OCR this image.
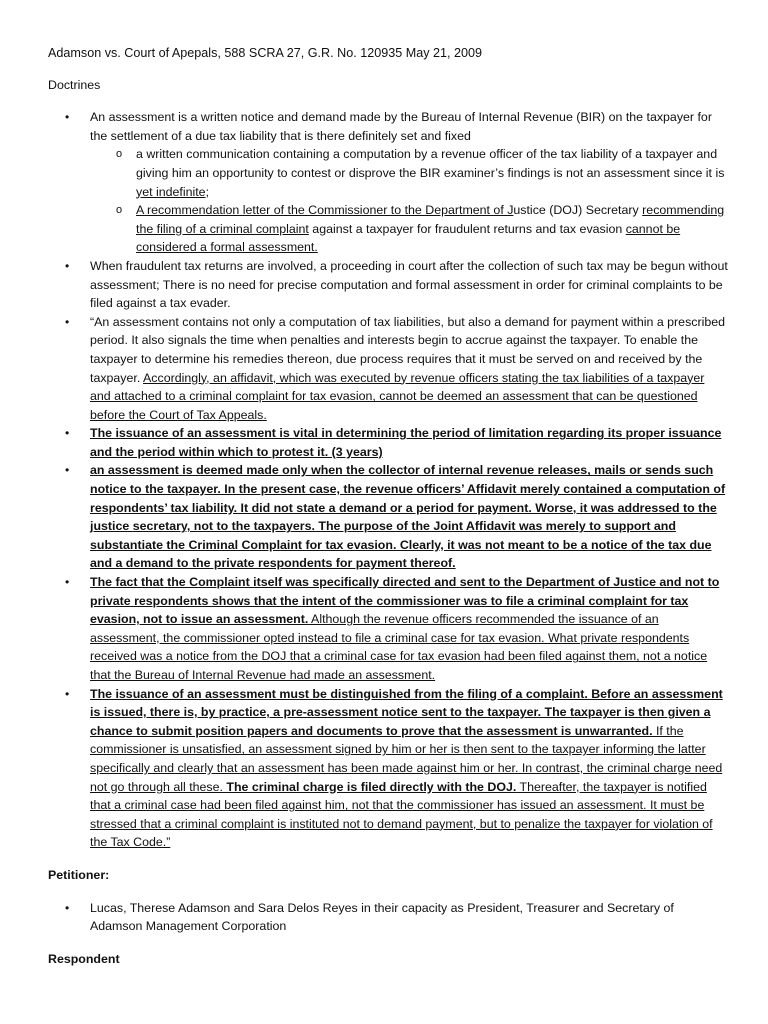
Adamson vs. Court of Apepals, 588 SCRA 27, G.R. No. 120935 May 21, 2009

Doctrines

• An assessment is a written notice and demand made by the Bureau of Internal Revenue (BIR) on the taxpayer for the settlement of a due tax liability that is there definitely set and fixed
o a written communication containing a computation by a revenue officer of the tax liability of a taxpayer and giving him an opportunity to contest or disprove the BIR examiner’s findings is not an assessment since it is yet indefinite;
o A recommendation letter of the Commissioner to the Department of Justice (DOJ) Secretary recommending the filing of a criminal complaint against a taxpayer for fraudulent returns and tax evasion cannot be considered a formal assessment.
• When fraudulent tax returns are involved, a proceeding in court after the collection of such tax may be begun without assessment; There is no need for precise computation and formal assessment in order for criminal complaints to be filed against a tax evader.
• “An assessment contains not only a computation of tax liabilities, but also a demand for payment within a prescribed period. It also signals the time when penalties and interests begin to accrue against the taxpayer. To enable the taxpayer to determine his remedies thereon, due process requires that it must be served on and received by the taxpayer. Accordingly, an affidavit, which was executed by revenue officers stating the tax liabilities of a taxpayer and attached to a criminal complaint for tax evasion, cannot be deemed an assessment that can be questioned before the Court of Tax Appeals.
• The issuance of an assessment is vital in determining the period of limitation regarding its proper issuance and the period within which to protest it. (3 years)
• an assessment is deemed made only when the collector of internal revenue releases, mails or sends such notice to the taxpayer. In the present case, the revenue officers’ Affidavit merely contained a computation of respondents’ tax liability. It did not state a demand or a period for payment. Worse, it was addressed to the justice secretary, not to the taxpayers. The purpose of the Joint Affidavit was merely to support and substantiate the Criminal Complaint for tax evasion. Clearly, it was not meant to be a notice of the tax due and a demand to the private respondents for payment thereof.
• The fact that the Complaint itself was specifically directed and sent to the Department of Justice and not to private respondents shows that the intent of the commissioner was to file a criminal complaint for tax evasion, not to issue an assessment. Although the revenue officers recommended the issuance of an assessment, the commissioner opted instead to file a criminal case for tax evasion. What private respondents received was a notice from the DOJ that a criminal case for tax evasion had been filed against them, not a notice that the Bureau of Internal Revenue had made an assessment.
• The issuance of an assessment must be distinguished from the filing of a complaint. Before an assessment is issued, there is, by practice, a pre-assessment notice sent to the taxpayer. The taxpayer is then given a chance to submit position papers and documents to prove that the assessment is unwarranted. If the commissioner is unsatisfied, an assessment signed by him or her is then sent to the taxpayer informing the latter specifically and clearly that an assessment has been made against him or her. In contrast, the criminal charge need not go through all these. The criminal charge is filed directly with the DOJ. Thereafter, the taxpayer is notified that a criminal case had been filed against him, not that the commissioner has issued an assessment. It must be stressed that a criminal complaint is instituted not to demand payment, but to penalize the taxpayer for violation of the Tax Code.”

Petitioner:

• Lucas, Therese Adamson and Sara Delos Reyes in their capacity as President, Treasurer and Secretary of Adamson Management Corporation

Respondent
